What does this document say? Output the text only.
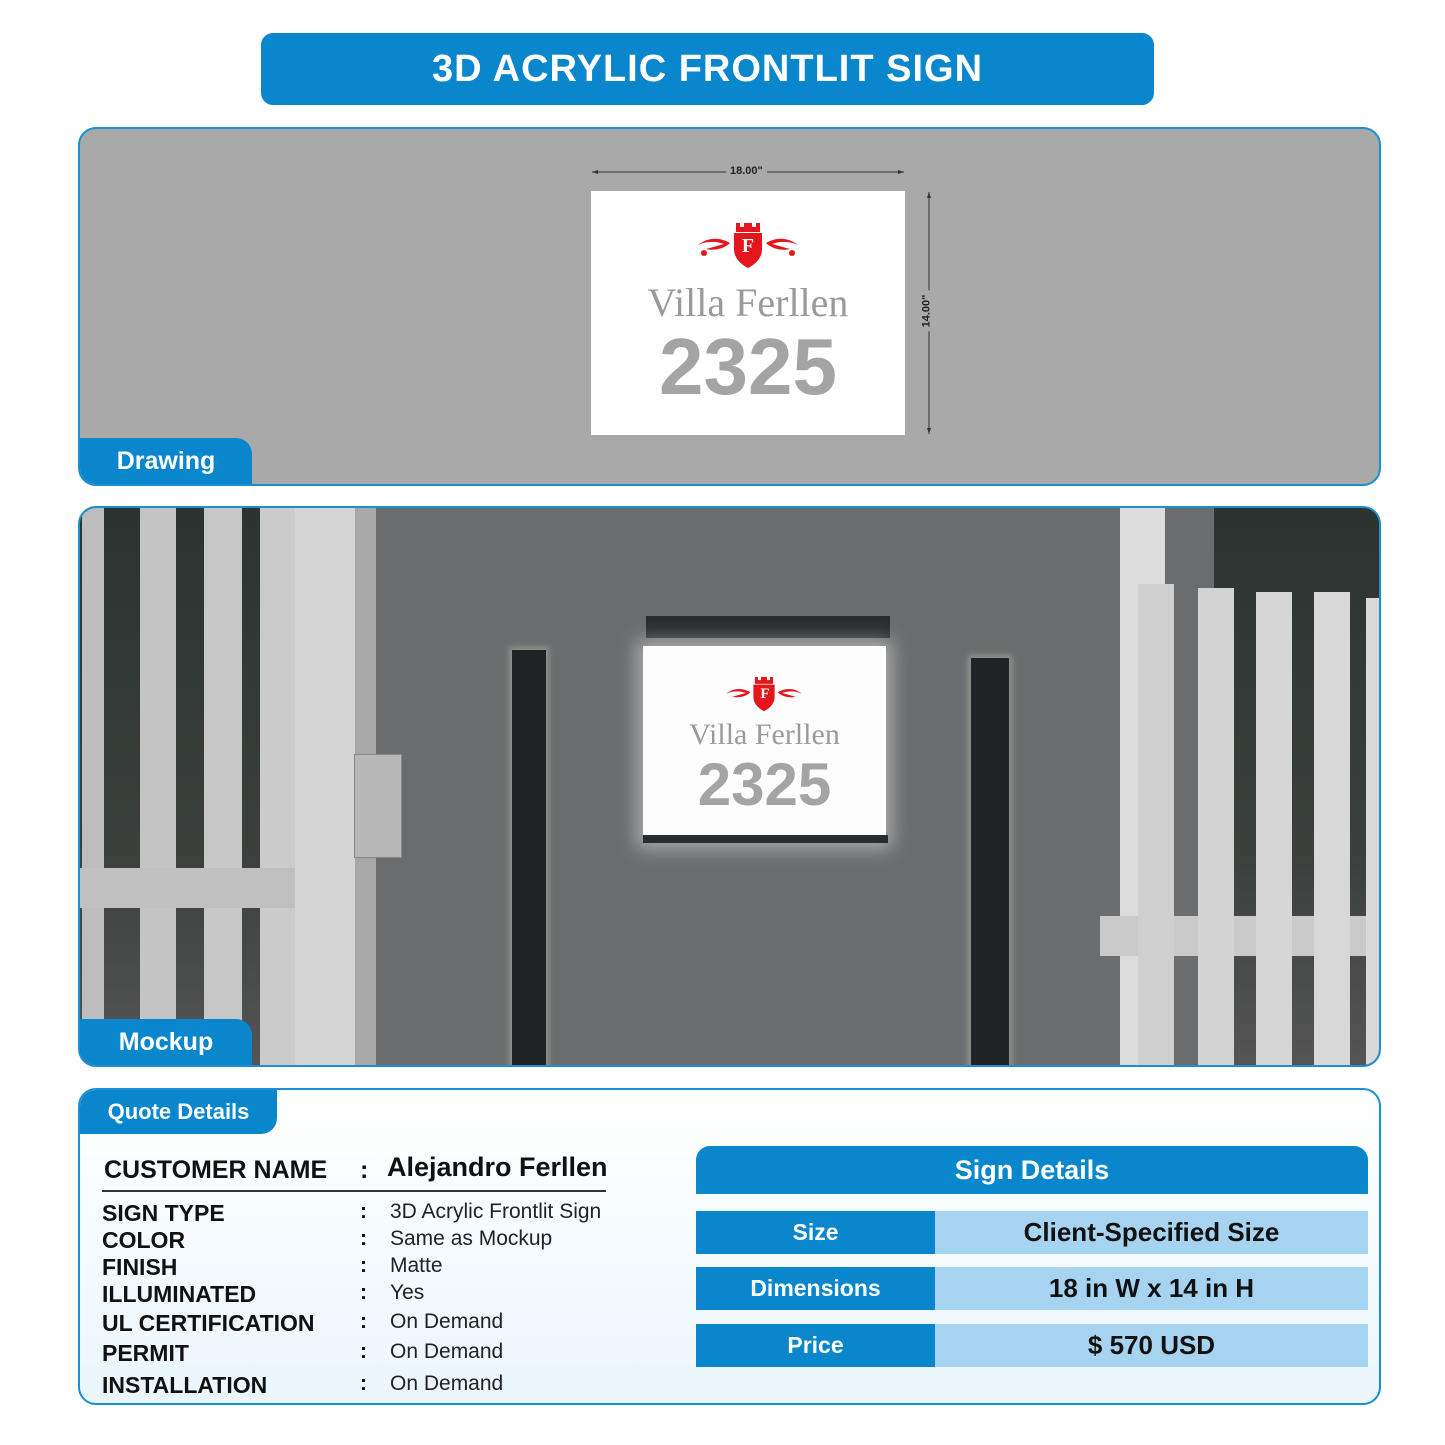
3D ACRYLIC FRONTLIT SIGN
18.00"
14.00"
F
Villa Ferllen
2325
Drawing
F
Villa Ferllen
2325
Mockup
Quote Details
CUSTOMER NAME : Alejandro Ferllen
SIGN TYPE	: 3D Acrylic Frontlit Sign
COLOR	: Same as Mockup
FINISH	: Matte
ILLUMINATED	: Yes
UL CERTIFICATION : On Demand
PERMIT	: On Demand
INSTALLATION	: On Demand
Sign Details
Size	Client-Specified Size
Dimensions	18 in W x 14 in H
Price	$ 570 USD
